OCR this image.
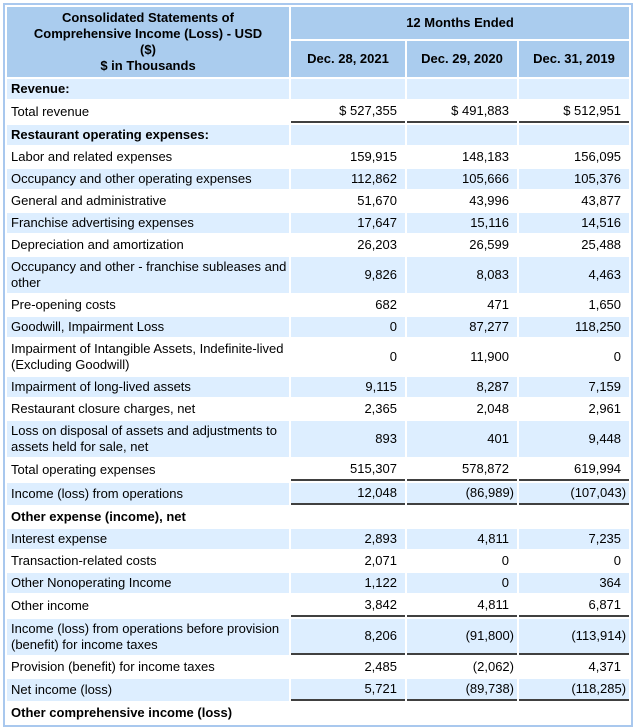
Consolidated Statements of
Comprehensive Income (Loss) - USD
($)
$ in Thousands	12 Months Ended		
	Dec. 28, 2021	Dec. 29, 2020	Dec. 31, 2019
Revenue:			
Total revenue	$ 527,355	$ 491,883	$ 512,951
Restaurant operating expenses:			
Labor and related expenses	159,915	148,183	156,095
Occupancy and other operating expenses	112,862	105,666	105,376
General and administrative	51,670	43,996	43,877
Franchise advertising expenses	17,647	15,116	14,516
Depreciation and amortization	26,203	26,599	25,488
Occupancy and other - franchise subleases and other	9,826	8,083	4,463
Pre-opening costs	682	471	1,650
Goodwill, Impairment Loss	0	87,277	118,250
Impairment of Intangible Assets, Indefinite-lived (Excluding Goodwill)	0	11,900	0
Impairment of long-lived assets	9,115	8,287	7,159
Restaurant closure charges, net	2,365	2,048	2,961
Loss on disposal of assets and adjustments to assets held for sale, net	893	401	9,448
Total operating expenses	515,307	578,872	619,994
Income (loss) from operations	12,048	(86,989)	(107,043)
Other expense (income), net			
Interest expense	2,893	4,811	7,235
Transaction-related costs	2,071	0	0
Other Nonoperating Income	1,122	0	364
Other income	3,842	4,811	6,871
Income (loss) from operations before provision (benefit) for income taxes	8,206	(91,800)	(113,914)
Provision (benefit) for income taxes	2,485	(2,062)	4,371
Net income (loss)	5,721	(89,738)	(118,285)
Other comprehensive income (loss)			
